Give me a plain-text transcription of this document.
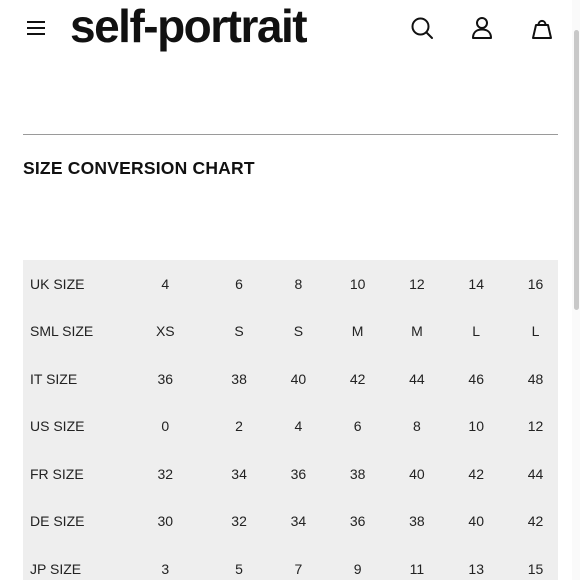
self-portrait
SIZE CONVERSION CHART
UK SIZE	4	6	8	10	12	14	16
SML SIZE	XS	S	S	M	M	L	L
IT SIZE	36	38	40	42	44	46	48
US SIZE	0	2	4	6	8	10	12
FR SIZE	32	34	36	38	40	42	44
DE SIZE	30	32	34	36	38	40	42
JP SIZE	3	5	7	9	11	13	15
